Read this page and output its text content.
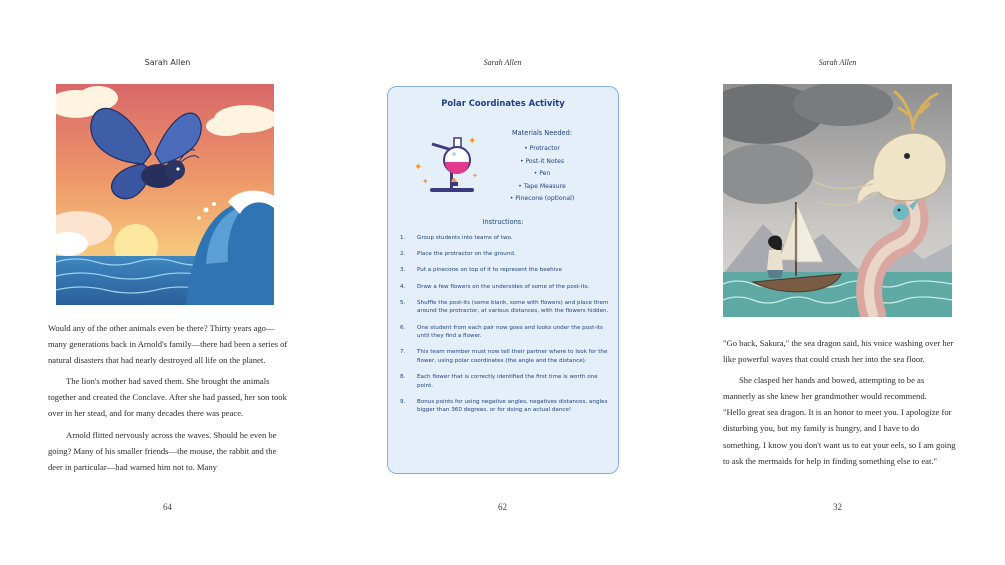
Sarah Allen

Would any of the other animals even be there? Thirty years ago—many generations back in Arnold's family—there had been a series of natural disasters that had nearly destroyed all life on the planet.

The lion's mother had saved them. She brought the animals together and created the Conclave. After she had passed, her son took over in her stead, and for many decades there was peace.

Arnold flitted nervously across the waves. Should he even be going? Many of his smaller friends—the mouse, the rabbit and the deer in particular—had warned him not to. Many

64
Sarah Allen
Polar Coordinates Activity
✦
✦
✦
✦
Materials Needed:
• Protractor
• Post-it Notes
• Pen
• Tape Measure
• Pinecone (optional)
Instructions:
1.	Group students into teams of two.
2.	Place the protractor on the ground.
3.	Put a pinecone on top of it to represent the beehive
4.	Draw a few flowers on the undersides of some of the post-its.
5.	Shuffle the post-its (some blank, some with flowers) and place them around the protractor, at various distances, with the flowers hidden.
6.	One student from each pair now goes and looks under the post-its until they find a flower.
7.	This team member must now tell their partner where to look for the flower, using polar coordinates (the angle and the distance).
8.	Each flower that is correctly identified the first time is worth one point.
9.	Bonus points for using negative angles, negatives distances, angles bigger than 360 degrees, or for doing an actual dance!
62
Sarah Allen

"Go back, Sakura," the sea dragon said, his voice washing over her like powerful waves that could crush her into the sea floor.

She clasped her hands and bowed, attempting to be as mannerly as she knew her grandmother would recommend.

"Hello great sea dragon. It is an honor to meet you. I apologize for disturbing you, but my family is hungry, and I have to do something. I know you don't want us to eat your eels, so I am going to ask the mermaids for help in finding something else to eat."

32
